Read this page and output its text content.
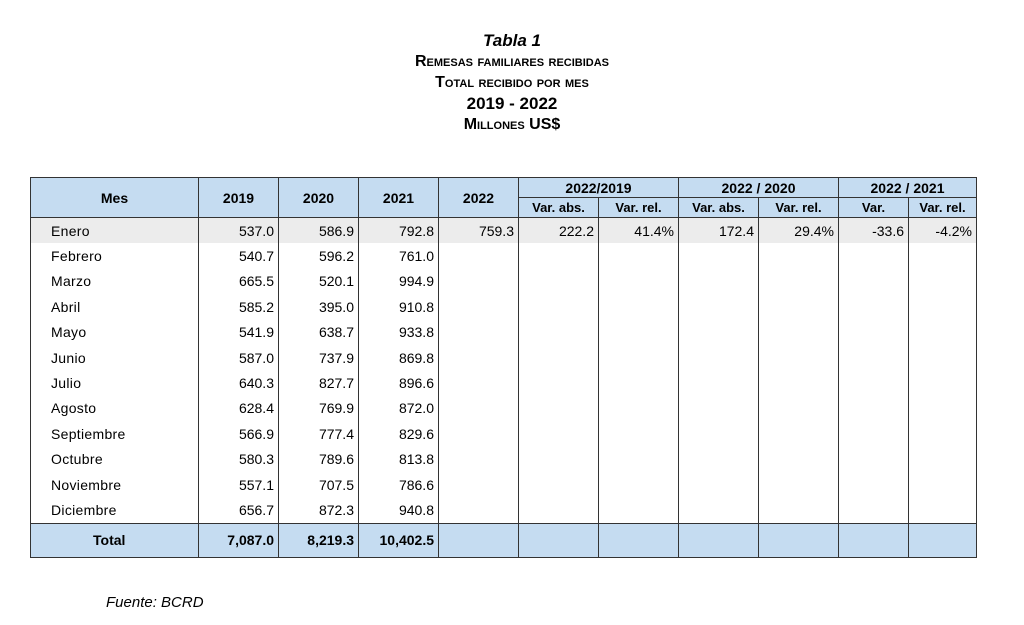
Tabla 1
Remesas familiares recibidas
Total recibido por mes
2019 - 2022
Millones US$
Mes	2019	2020	2021	2022	2022/2019		2022 / 2020		2022 / 2021	
					Var. abs.	Var. rel.	Var. abs.	Var. rel.	Var.	Var. rel.
Enero	537.0	586.9	792.8	759.3	222.2	41.4%	172.4	29.4%	-33.6	-4.2%
Febrero	540.7	596.2	761.0							
Marzo	665.5	520.1	994.9							
Abril	585.2	395.0	910.8							
Mayo	541.9	638.7	933.8							
Junio	587.0	737.9	869.8							
Julio	640.3	827.7	896.6							
Agosto	628.4	769.9	872.0							
Septiembre	566.9	777.4	829.6							
Octubre	580.3	789.6	813.8							
Noviembre	557.1	707.5	786.6							
Diciembre	656.7	872.3	940.8							
Total	7,087.0	8,219.3	10,402.5							
Fuente: BCRD
